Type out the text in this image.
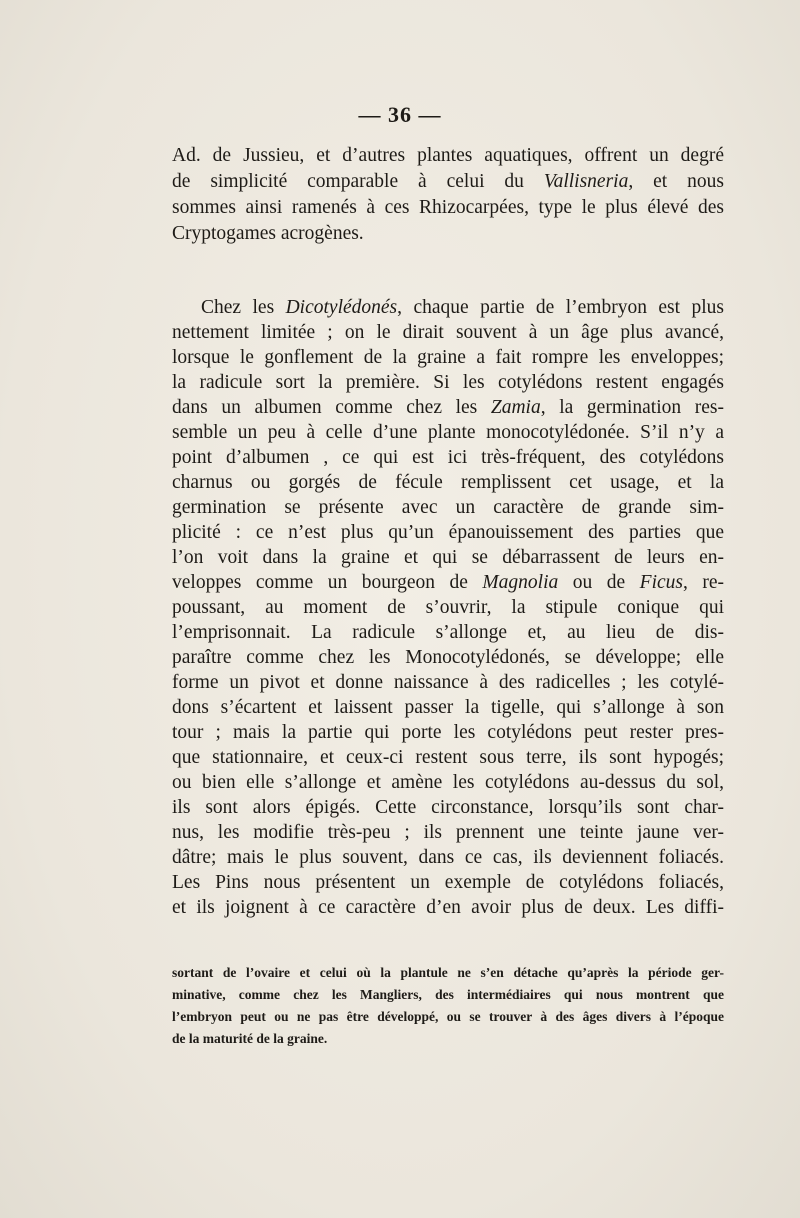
— 36 —
Ad. de Jussieu, et d’autres plantes aquatiques, offrent un degré
de simplicité comparable à celui du Vallisneria, et nous
sommes ainsi ramenés à ces Rhizocarpées, type le plus élevé des
Cryptogames acrogènes.
Chez les Dicotylédonés, chaque partie de l’embryon est plus
nettement limitée ; on le dirait souvent à un âge plus avancé,
lorsque le gonflement de la graine a fait rompre les enveloppes;
la radicule sort la première. Si les cotylédons restent engagés
dans un albumen comme chez les Zamia, la germination res-
semble un peu à celle d’une plante monocotylédonée. S’il n’y a
point d’albumen , ce qui est ici très-fréquent, des cotylédons
charnus ou gorgés de fécule remplissent cet usage, et la
germination se présente avec un caractère de grande sim-
plicité : ce n’est plus qu’un épanouissement des parties que
l’on voit dans la graine et qui se débarrassent de leurs en-
veloppes comme un bourgeon de Magnolia ou de Ficus, re-
poussant, au moment de s’ouvrir, la stipule conique qui
l’emprisonnait. La radicule s’allonge et, au lieu de dis-
paraître comme chez les Monocotylédonés, se développe; elle
forme un pivot et donne naissance à des radicelles ; les cotylé-
dons s’écartent et laissent passer la tigelle, qui s’allonge à son
tour ; mais la partie qui porte les cotylédons peut rester pres-
que stationnaire, et ceux-ci restent sous terre, ils sont hypogés;
ou bien elle s’allonge et amène les cotylédons au-dessus du sol,
ils sont alors épigés. Cette circonstance, lorsqu’ils sont char-
nus, les modifie très-peu ; ils prennent une teinte jaune ver-
dâtre; mais le plus souvent, dans ce cas, ils deviennent foliacés.
Les Pins nous présentent un exemple de cotylédons foliacés,
et ils joignent à ce caractère d’en avoir plus de deux. Les diffi-
sortant de l’ovaire et celui où la plantule ne s’en détache qu’après la période ger-
minative, comme chez les Mangliers, des intermédiaires qui nous montrent que
l’embryon peut ou ne pas être développé, ou se trouver à des âges divers à l’époque
de la maturité de la graine.
